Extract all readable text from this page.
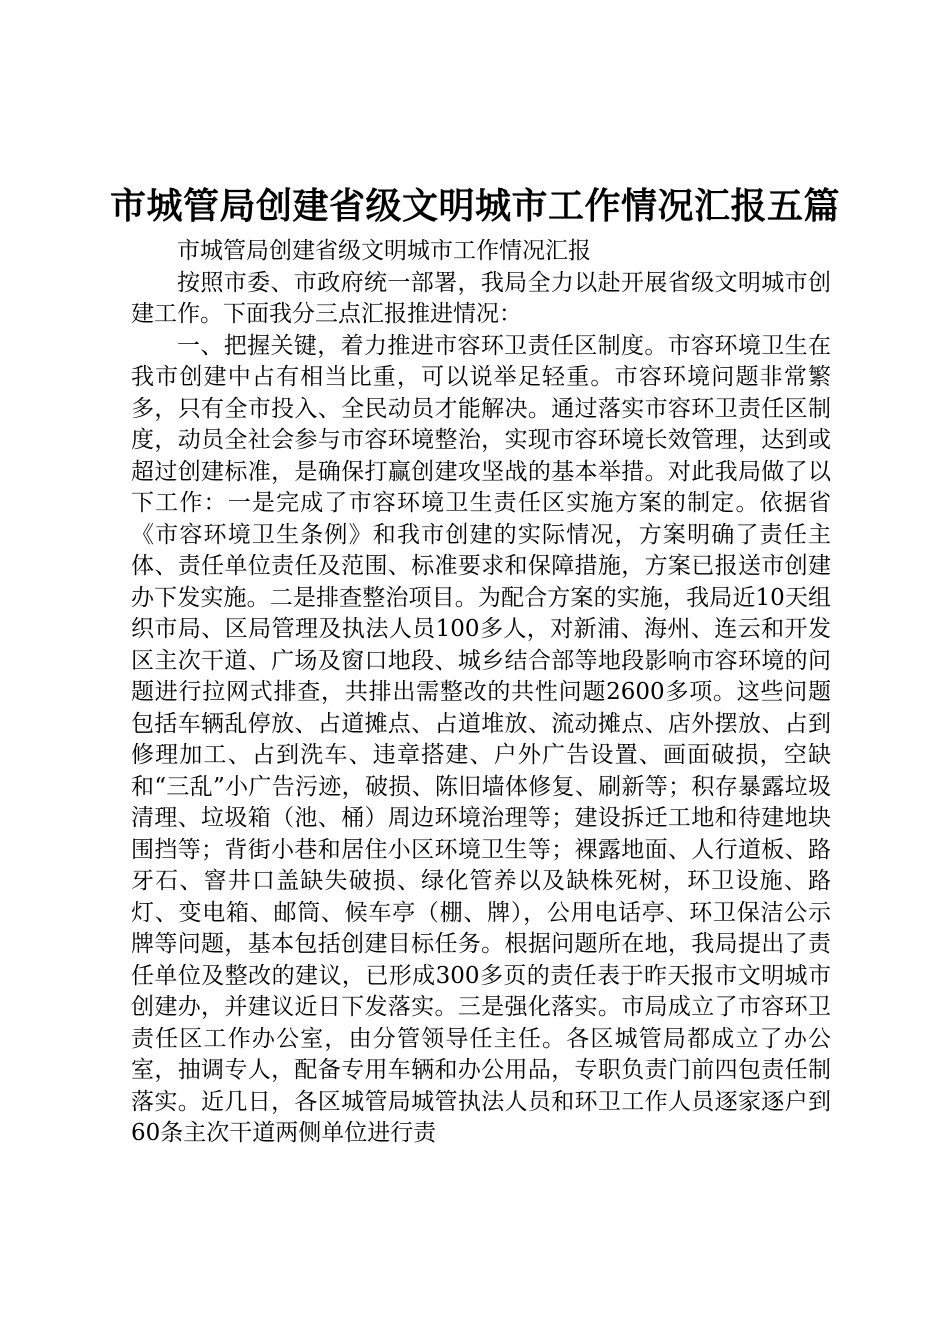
市城管局创建省级文明城市工作情况汇报五篇

市城管局创建省级文明城市工作情况汇报

按照市委、市政府统一部署，我局全力以赴开展省级文明城市创建工作。下面我分三点汇报推进情况：

一、把握关键，着力推进市容环卫责任区制度。市容环境卫生在我市创建中占有相当比重，可以说举足轻重。市容环境问题非常繁多，只有全市投入、全民动员才能解决。通过落实市容环卫责任区制度，动员全社会参与市容环境整治，实现市容环境长效管理，达到或超过创建标准，是确保打赢创建攻坚战的基本举措。对此我局做了以下工作：一是完成了市容环境卫生责任区实施方案的制定。依据省《市容环境卫生条例》和我市创建的实际情况，方案明确了责任主体、责任单位责任及范围、标准要求和保障措施，方案已报送市创建办下发实施。二是排查整治项目。为配合方案的实施，我局近10天组织市局、区局管理及执法人员100多人，对新浦、海州、连云和开发区主次干道、广场及窗口地段、城乡结合部等地段影响市容环境的问题进行拉网式排查，共排出需整改的共性问题2600多项。这些问题包括车辆乱停放、占道摊点、占道堆放、流动摊点、店外摆放、占到修理加工、占到洗车、违章搭建、户外广告设置、画面破损，空缺和“三乱”小广告污迹，破损、陈旧墙体修复、刷新等；积存暴露垃圾清理、垃圾箱（池、桶）周边环境治理等；建设拆迁工地和待建地块围挡等；背街小巷和居住小区环境卫生等；裸露地面、人行道板、路牙石、窨井口盖缺失破损、绿化管养以及缺株死树，环卫设施、路灯、变电箱、邮筒、候车亭（棚、牌），公用电话亭、环卫保洁公示牌等问题，基本包括创建目标任务。根据问题所在地，我局提出了责任单位及整改的建议，已形成300多页的责任表于昨天报市文明城市创建办，并建议近日下发落实。三是强化落实。市局成立了市容环卫责任区工作办公室，由分管领导任主任。各区城管局都成立了办公室，抽调专人，配备专用车辆和办公用品，专职负责门前四包责任制落实。近几日，各区城管局城管执法人员和环卫工作人员逐家逐户到60条主次干道两侧单位进行责
